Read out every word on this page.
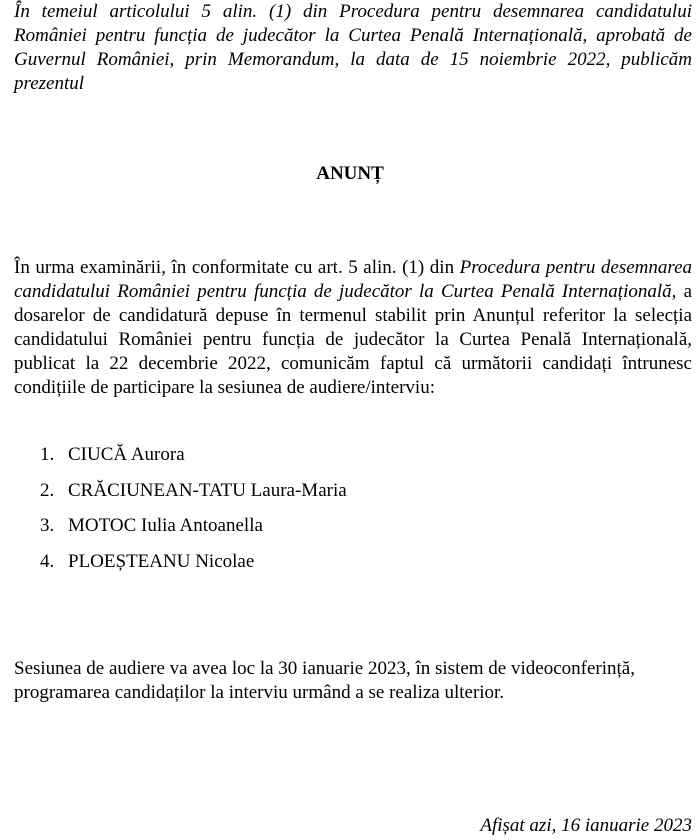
În temeiul articolului 5 alin. (1) din Procedura pentru desemnarea candidatului României pentru funcția de judecător la Curtea Penală Internațională, aprobată de Guvernul României, prin Memorandum, la data de 15 noiembrie 2022, publicăm prezentul
ANUNȚ
În urma examinării, în conformitate cu art. 5 alin. (1) din Procedura pentru desemnarea candidatului României pentru funcția de judecător la Curtea Penală Internațională, a dosarelor de candidatură depuse în termenul stabilit prin Anunțul referitor la selecția candidatului României pentru funcția de judecător la Curtea Penală Internațională, publicat la 22 decembrie 2022, comunicăm faptul că următorii candidați întrunesc condițiile de participare la sesiunea de audiere/interviu:
1. CIUCĂ Aurora
2. CRĂCIUNEAN-TATU Laura-Maria
3. MOTOC Iulia Antoanella
4. PLOEȘTEANU Nicolae
Sesiunea de audiere va avea loc la 30 ianuarie 2023, în sistem de videoconferință, programarea candidaților la interviu urmând a se realiza ulterior.
Afișat azi, 16 ianuarie 2023
